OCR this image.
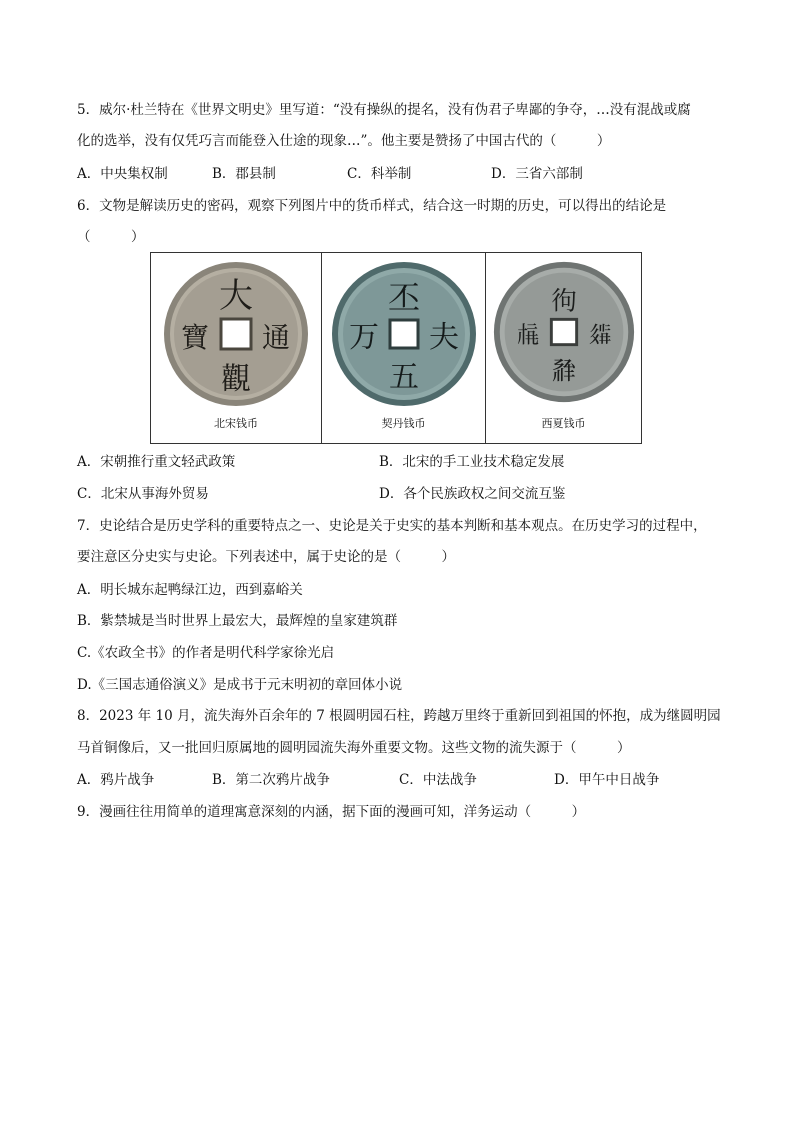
5．威尔·杜兰特在《世界文明史》里写道：“没有操纵的提名，没有伪君子卑鄙的争夺，…没有混战或腐
化的选举，没有仅凭巧言而能登入仕途的现象…”。他主要是赞扬了中国古代的（　　　）
A．中央集权制	B．郡县制	C．科举制	D．三省六部制
6．文物是解读历史的密码，观察下列图片中的货币样式，结合这一时期的历史，可以得出的结论是
（　　　）
大
通
觀
寶
北宋钱币
丕
夫
五
万
契丹钱币
㣘
𗦧
𗴂
𗍫
西夏钱币
A．宋朝推行重文轻武政策	B．北宋的手工业技术稳定发展
C．北宋从事海外贸易	D．各个民族政权之间交流互鉴
7．史论结合是历史学科的重要特点之一、史论是关于史实的基本判断和基本观点。在历史学习的过程中，
要注意区分史实与史论。下列表述中，属于史论的是（　　　）
A．明长城东起鸭绿江边，西到嘉峪关
B．紫禁城是当时世界上最宏大，最辉煌的皇家建筑群
C.《农政全书》的作者是明代科学家徐光启
D.《三国志通俗演义》是成书于元末明初的章回体小说
8．2023 年 10 月，流失海外百余年的 7 根圆明园石柱，跨越万里终于重新回到祖国的怀抱，成为继圆明园
马首铜像后，又一批回归原属地的圆明园流失海外重要文物。这些文物的流失源于（　　　）
A．鸦片战争	B．第二次鸦片战争	C．中法战争	D．甲午中日战争
9．漫画往往用简单的道理寓意深刻的内涵，据下面的漫画可知，洋务运动（　　　）
